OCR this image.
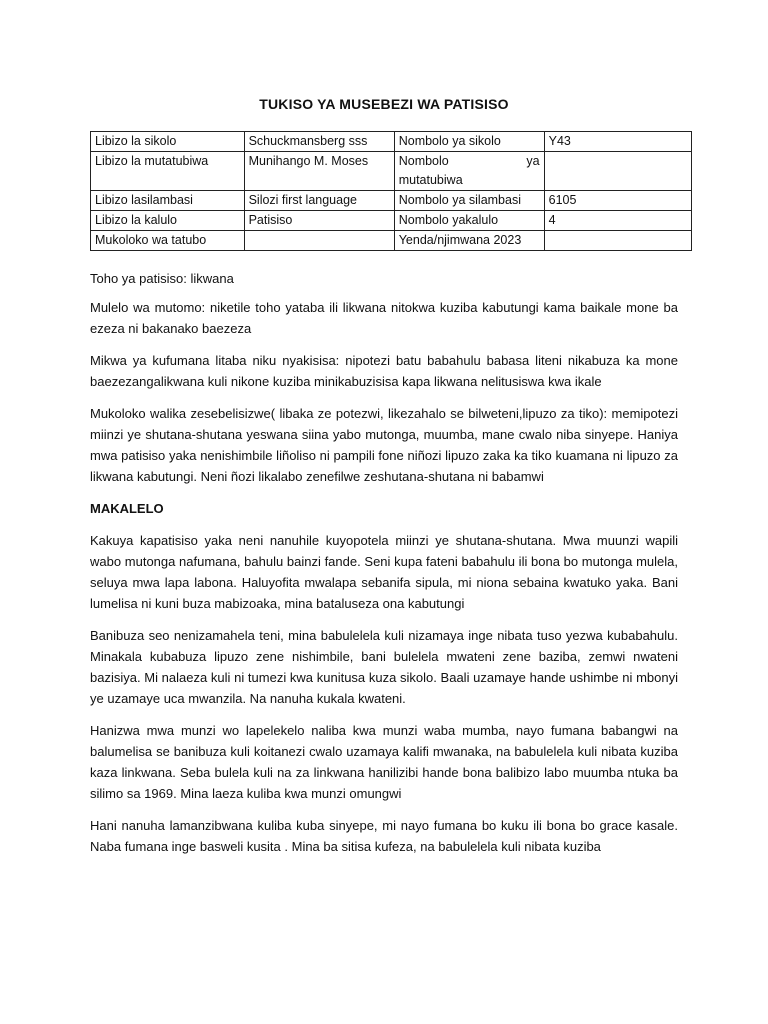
TUKISO YA MUSEBEZI WA PATISISO
Libizo la sikolo	Schuckmansberg sss	Nombolo ya sikolo	Y43
Libizo la mutatubiwa	Munihango M. Moses	Nombolo ya
mutatubiwa	

Libizo lasilambasi	Silozi first language	Nombolo ya silambasi	6105
Libizo la kalulo	Patisiso	Nombolo yakalulo	4
Mukoloko wa tatubo		Yenda/njimwana 2023	

Toho ya patisiso: likwana

Mulelo wa mutomo: niketile toho yataba ili likwana nitokwa kuziba kabutungi kama baikale mone ba ezeza ni bakanako baezeza

Mikwa ya kufumana litaba niku nyakisisa: nipotezi batu babahulu babasa liteni nikabuza ka mone baezezangalikwana kuli nikone kuziba minikabuzisisa kapa likwana nelitusiswa kwa ikale

Mukoloko walika zesebelisizwe( libaka ze potezwi, likezahalo se bilweteni,lipuzo za tiko): memipotezi miinzi ye shutana-shutana yeswana siina yabo mutonga, muumba, mane cwalo niba sinyepe. Haniya mwa patisiso yaka nenishimbile liñoliso ni pampili fone niñozi lipuzo zaka ka tiko kuamana ni lipuzo za likwana kabutungi. Neni ñozi likalabo zenefilwe zeshutana-shutana ni babamwi

MAKALELO

Kakuya kapatisiso yaka neni nanuhile kuyopotela miinzi ye shutana-shutana. Mwa muunzi wapili wabo mutonga nafumana, bahulu bainzi fande. Seni kupa fateni babahulu ili bona bo mutonga mulela, seluya mwa lapa labona. Haluyofita mwalapa sebanifa sipula, mi niona sebaina kwatuko yaka. Bani lumelisa ni kuni buza mabizoaka, mina bataluseza ona kabutungi

Banibuza seo nenizamahela teni, mina babulelela kuli nizamaya inge nibata tuso yezwa kubabahulu. Minakala kubabuza lipuzo zene nishimbile, bani bulelela mwateni zene baziba, zemwi nwateni bazisiya. Mi nalaeza kuli ni tumezi kwa kunitusa kuza sikolo. Baali uzamaye hande ushimbe ni mbonyi ye uzamaye uca mwanzila. Na nanuha kukala kwateni.

Hanizwa mwa munzi wo lapelekelo naliba kwa munzi waba mumba, nayo fumana babangwi na balumelisa se banibuza kuli koitanezi cwalo uzamaya kalifi mwanaka, na babulelela kuli nibata kuziba kaza linkwana. Seba bulela kuli na za linkwana hanilizibi hande bona balibizo labo muumba ntuka ba silimo sa 1969. Mina laeza kuliba kwa munzi omungwi

Hani nanuha lamanzibwana kuliba kuba sinyepe, mi nayo fumana bo kuku ili bona bo grace kasale. Naba fumana inge basweli kusita . Mina ba sitisa kufeza, na babulelela kuli nibata kuziba
